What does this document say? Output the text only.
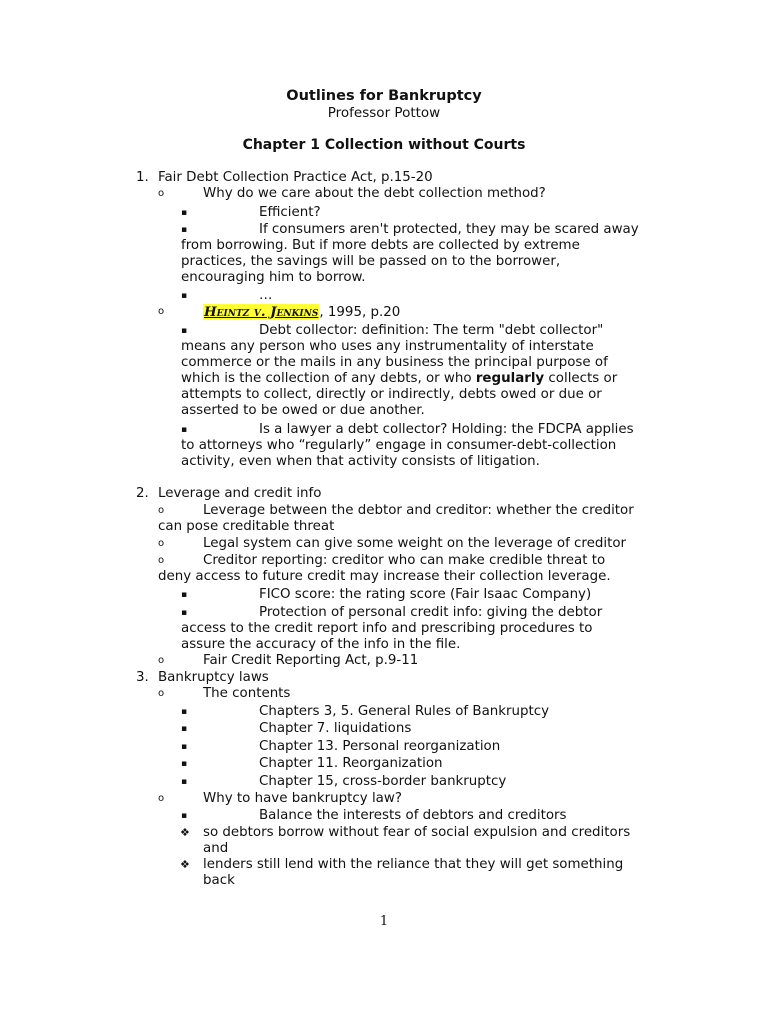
Outlines for Bankruptcy
Professor Pottow
Chapter 1 Collection without Courts
1. Fair Debt Collection Practice Act, p.15-20
o	Why do we care about the debt collection method?
▪	Efficient?
▪	If consumers aren't protected, they may be scared away
from borrowing. But if more debts are collected by extreme
practices, the savings will be passed on to the borrower,
encouraging him to borrow.
▪	…
o	Heintz v. Jenkins, 1995, p.20
▪	Debt collector: definition: The term "debt collector"
means any person who uses any instrumentality of interstate
commerce or the mails in any business the principal purpose of
which is the collection of any debts, or who regularly collects or
attempts to collect, directly or indirectly, debts owed or due or
asserted to be owed or due another.
▪	Is a lawyer a debt collector? Holding: the FDCPA applies
to attorneys who “regularly” engage in consumer-debt-collection
activity, even when that activity consists of litigation.
2. Leverage and credit info
o	Leverage between the debtor and creditor: whether the creditor
can pose creditable threat
o	Legal system can give some weight on the leverage of creditor
o	Creditor reporting: creditor who can make credible threat to
deny access to future credit may increase their collection leverage.
▪	FICO score: the rating score (Fair Isaac Company)
▪	Protection of personal credit info: giving the debtor
access to the credit report info and prescribing procedures to
assure the accuracy of the info in the file.
o	Fair Credit Reporting Act, p.9-11
3. Bankruptcy laws
o	The contents
▪	Chapters 3, 5. General Rules of Bankruptcy
▪	Chapter 7. liquidations
▪	Chapter 13. Personal reorganization
▪	Chapter 11. Reorganization
▪	Chapter 15, cross-border bankruptcy
o	Why to have bankruptcy law?
▪	Balance the interests of debtors and creditors
❖ so debtors borrow without fear of social expulsion and creditors
and
❖ lenders still lend with the reliance that they will get something
back
1
